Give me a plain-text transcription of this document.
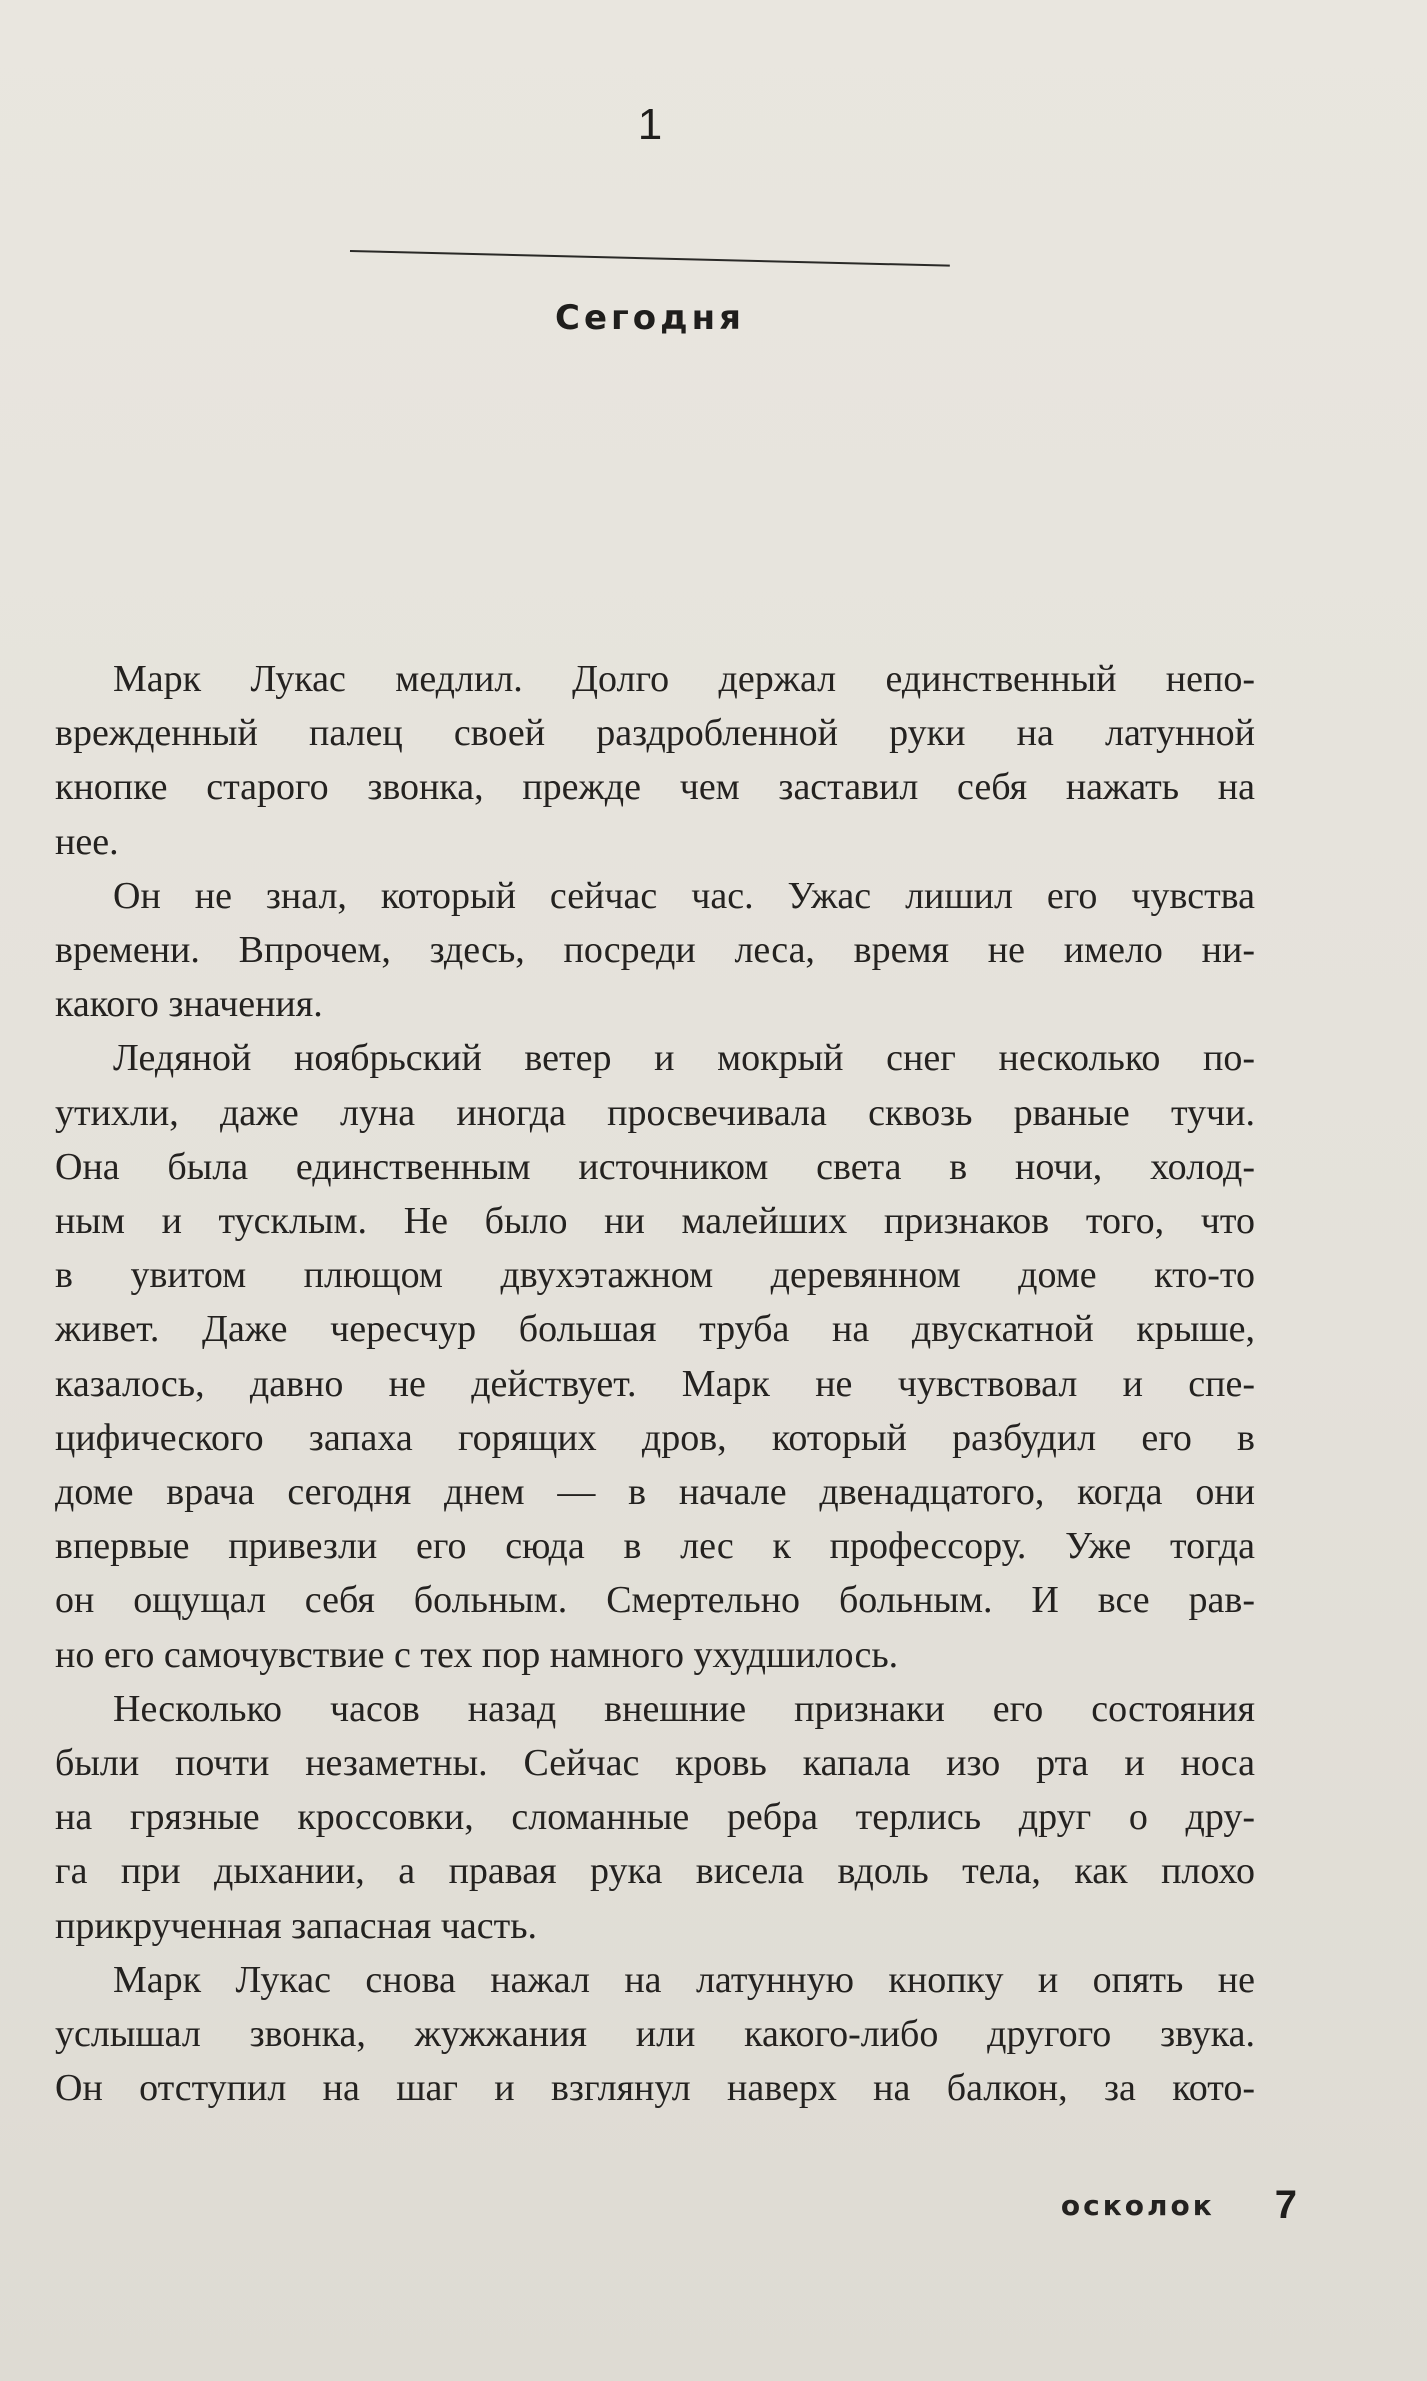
1
Сегодня

Марк Лукас медлил. Долго держал единственный непо-
врежденный палец своей раздробленной руки на латунной
кнопке старого звонка, прежде чем заставил себя нажать на
нее.

Он не знал, который сейчас час. Ужас лишил его чувства
времени. Впрочем, здесь, посреди леса, время не имело ни-
какого значения.

Ледяной ноябрьский ветер и мокрый снег несколько по-
утихли, даже луна иногда просвечивала сквозь рваные тучи.
Она была единственным источником света в ночи, холод-
ным и тусклым. Не было ни малейших признаков того, что
в увитом плющом двухэтажном деревянном доме кто-то
живет. Даже чересчур большая труба на двускатной крыше,
казалось, давно не действует. Марк не чувствовал и спе-
цифического запаха горящих дров, который разбудил его в
доме врача сегодня днем — в начале двенадцатого, когда они
впервые привезли его сюда в лес к профессору. Уже тогда
он ощущал себя больным. Смертельно больным. И все рав-
но его самочувствие с тех пор намного ухудшилось.

Несколько часов назад внешние признаки его состояния
были почти незаметны. Сейчас кровь капала изо рта и носа
на грязные кроссовки, сломанные ребра терлись друг о дру-
га при дыхании, а правая рука висела вдоль тела, как плохо
прикрученная запасная часть.

Марк Лукас снова нажал на латунную кнопку и опять не
услышал звонка, жужжания или какого-либо другого звука.
Он отступил на шаг и взглянул наверх на балкон, за кото-

осколок 7
